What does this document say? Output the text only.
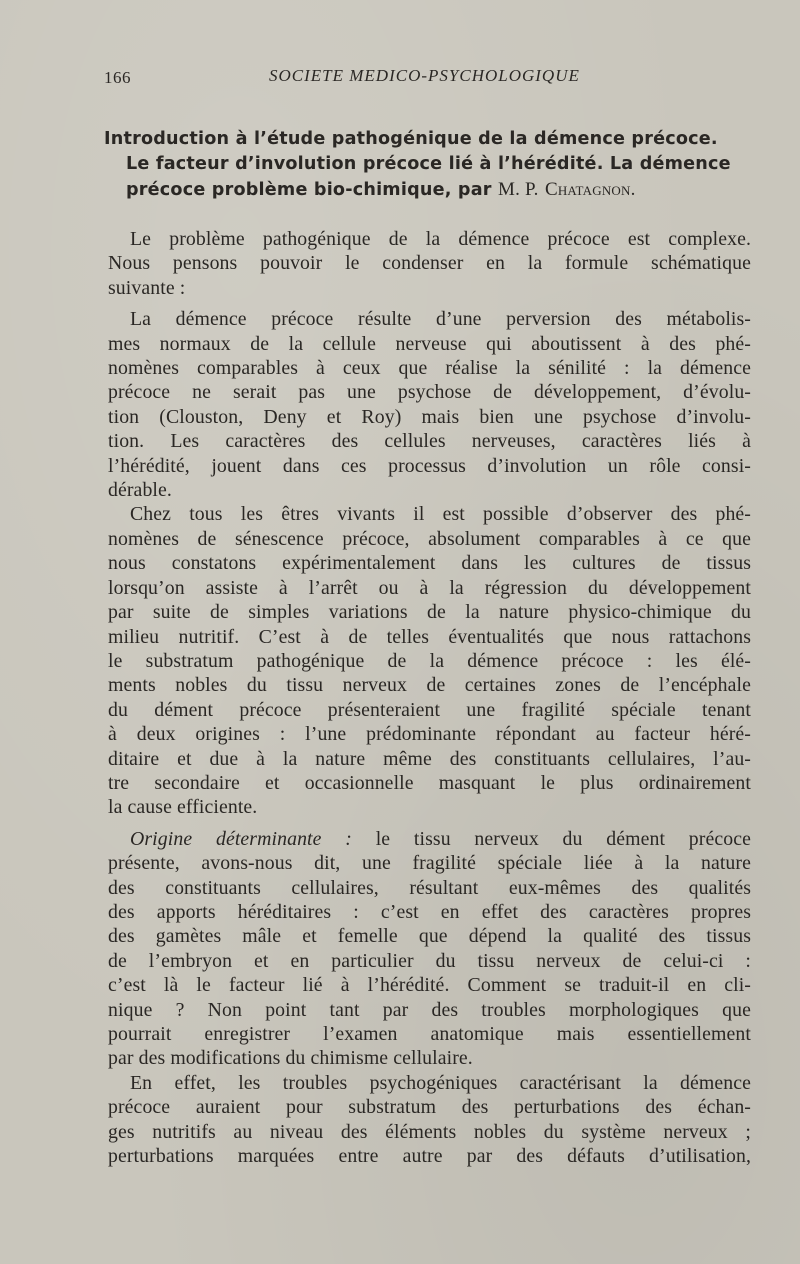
166	SOCIETE MEDICO-PSYCHOLOGIQUE
Introduction à l’étude pathogénique de la démence précoce.
Le facteur d’involution précoce lié à l’hérédité. La démence
précoce problème bio-chimique, par M. P. Chatagnon.
Le problème pathogénique de la démence précoce est complexe.
Nous pensons pouvoir le condenser en la formule schématique
suivante :
La démence précoce résulte d’une perversion des métabolis-
mes normaux de la cellule nerveuse qui aboutissent à des phé-
nomènes comparables à ceux que réalise la sénilité : la démence
précoce ne serait pas une psychose de développement, d’évolu-
tion (Clouston, Deny et Roy) mais bien une psychose d’involu-
tion. Les caractères des cellules nerveuses, caractères liés à
l’hérédité, jouent dans ces processus d’involution un rôle consi-
dérable.
Chez tous les êtres vivants il est possible d’observer des phé-
nomènes de sénescence précoce, absolument comparables à ce que
nous constatons expérimentalement dans les cultures de tissus
lorsqu’on assiste à l’arrêt ou à la régression du développement
par suite de simples variations de la nature physico-chimique du
milieu nutritif. C’est à de telles éventualités que nous rattachons
le substratum pathogénique de la démence précoce : les élé-
ments nobles du tissu nerveux de certaines zones de l’encéphale
du dément précoce présenteraient une fragilité spéciale tenant
à deux origines : l’une prédominante répondant au facteur héré-
ditaire et due à la nature même des constituants cellulaires, l’au-
tre secondaire et occasionnelle masquant le plus ordinairement
la cause efficiente.
Origine déterminante : le tissu nerveux du dément précoce
présente, avons-nous dit, une fragilité spéciale liée à la nature
des constituants cellulaires, résultant eux-mêmes des qualités
des apports héréditaires : c’est en effet des caractères propres
des gamètes mâle et femelle que dépend la qualité des tissus
de l’embryon et en particulier du tissu nerveux de celui-ci :
c’est là le facteur lié à l’hérédité. Comment se traduit-il en cli-
nique ? Non point tant par des troubles morphologiques que
pourrait enregistrer l’examen anatomique mais essentiellement
par des modifications du chimisme cellulaire.
En effet, les troubles psychogéniques caractérisant la démence
précoce auraient pour substratum des perturbations des échan-
ges nutritifs au niveau des éléments nobles du système nerveux ;
perturbations marquées entre autre par des défauts d’utilisation,
